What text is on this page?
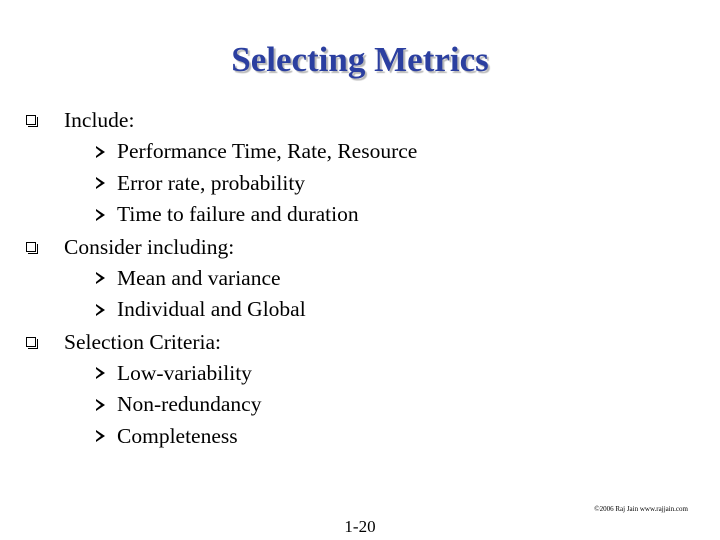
Selecting Metrics
Include:
Performance Time, Rate, Resource
Error rate, probability
Time to failure and duration
Consider including:
Mean and variance
Individual and Global
Selection Criteria:
Low-variability
Non-redundancy
Completeness
©2006 Raj Jain www.rajjain.com
1-20
